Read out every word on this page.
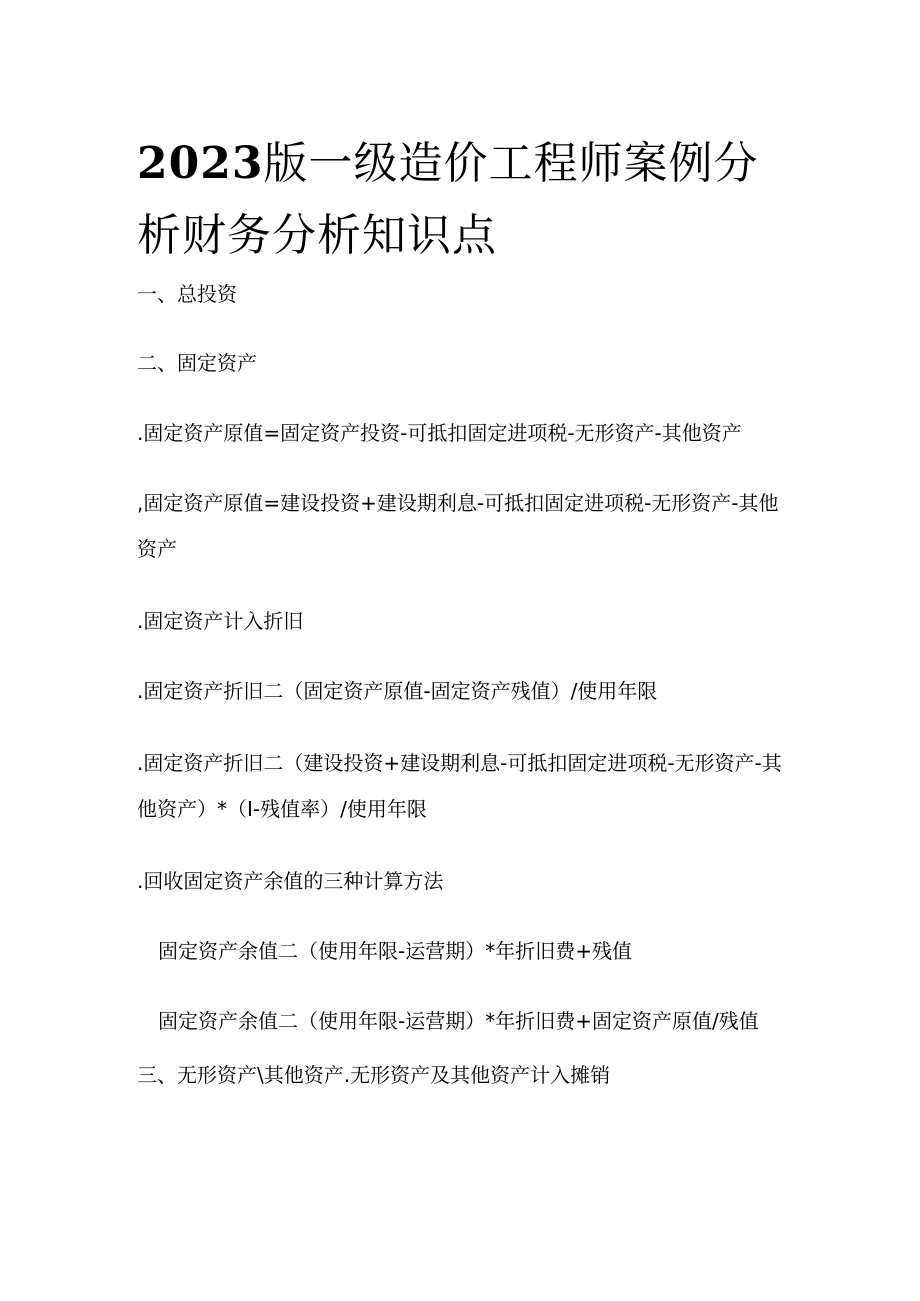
2023版一级造价工程师案例分析财务分析知识点

一、总投资

二、固定资产

.固定资产原值=固定资产投资-可抵扣固定进项税-无形资产-其他资产

,固定资产原值=建设投资+建设期利息-可抵扣固定进项税-无形资产-其他资产

.固定资产计入折旧

.固定资产折旧二（固定资产原值-固定资产残值）/使用年限

.固定资产折旧二（建设投资+建设期利息-可抵扣固定进项税-无形资产-其他资产）*（I-残值率）/使用年限

.回收固定资产余值的三种计算方法

固定资产余值二（使用年限-运营期）*年折旧费+残值

固定资产余值二（使用年限-运营期）*年折旧费+固定资产原值/残值

三、无形资产\其他资产.无形资产及其他资产计入摊销
